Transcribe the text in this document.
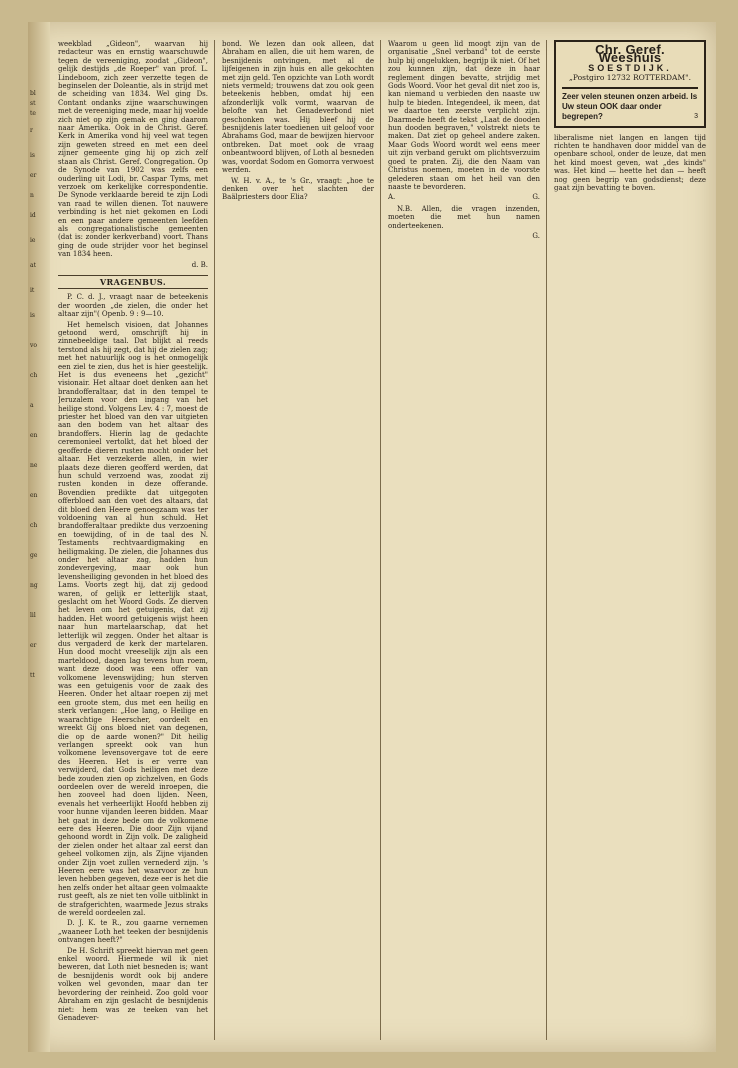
bl
st
te
r
is
er
n
id
ie
at
it
is
vo
ch
a
en
ne
en
ch
ge
ng
lil
er
tt

weekblad „Gideon", waarvan hij redacteur was en ernstig waarschuwde tegen de vereeniging, zoodat „Gideon", gelijk destijds „de Roeper" van prof. L. Lindeboom, zich zeer verzette tegen de beginselen der Doleantie, als in strijd met de scheiding van 1834. Wel ging Ds. Contant ondanks zijne waarschuwingen met de vereeniging mede, maar hij voelde zich niet op zijn gemak en ging daarom naar Amerika. Ook in de Christ. Geref. Kerk in Amerika vond hij veel wat tegen zijn geweten streed en met een deel zijner gemeente ging hij op zich zelf staan als Christ. Geref. Congregation. Op de Synode van 1902 was zelfs een ouderling uit Lodi, br. Caspar Tyms, met verzoek om kerkelijke correspondentie. De Synode verklaarde bereid te zijn Lodi van raad te willen dienen. Tot nauwere verbinding is het niet gekomen en Lodi en een paar andere gemeenten leefden als congregationalistische gemeenten (dat is: zonder kerkverband) voort. Thans ging de oude strijder voor het beginsel van 1834 heen.

d. B.
VRAGENBUS.

P. C. d. J., vraagt naar de beteekenis der woorden „de zielen, die onder het altaar zijn"( Openb. 9 : 9—10.

Het hemelsch visioen, dat Johannes getoond werd, omschrijft hij in zinnebeeldige taal. Dat blijkt al reeds terstond als hij zegt, dat hij de zielen zag; met het natuurlijk oog is het onmogelijk een ziel te zien, dus het is hier geestelijk. Het is dus eveneens het „gezicht" visionair. Het altaar doet denken aan het brandofferaltaar, dat in den tempel te Jeruzalem voor den ingang van het heilige stond. Volgens Lev. 4 : 7, moest de priester het bloed van den var uitgieten aan den bodem van het altaar des brandoffers. Hierin lag de gedachte ceremonieel vertolkt, dat het bloed der geofferde dieren rusten mocht onder het altaar. Het verzekerde allen, in wier plaats deze dieren geofferd werden, dat hun schuld verzoend was, zoodat zij rusten konden in deze offerande. Bovendien predikte dat uitgegoten offerbloed aan den voet des altaars, dat dit bloed den Heere genoegzaam was ter voldoening van al hun schuld. Het brandofferaltaar predikte dus verzoening en toewijding, of in de taal des N. Testaments rechtvaardigmaking en heiligmaking. De zielen, die Johannes dus onder het altaar zag, hadden hun zondevergeving, maar ook hun levensheiliging gevonden in het bloed des Lams. Voorts zegt hij, dat zij gedood waren, of gelijk er letterlijk staat, geslacht om het Woord Gods. Ze dierven het leven om het getuigenis, dat zij hadden. Het woord getuigenis wijst heen naar hun martelaarschap, dat het letterlijk wil zeggen. Onder het altaar is dus vergaderd de kerk der martelaren. Hun dood mocht vreeselijk zijn als een marteldood, dagen lag tevens hun roem, want deze dood was een offer van volkomene levenswijding; hun sterven was een getuigenis voor de zaak des Heeren. Onder het altaar roepen zij met een groote stem, dus met een heilig en sterk verlangen: „Hoe lang, o Heilige en waarachtige Heerscher, oordeelt en wreekt Gij ons bloed niet van degenen, die op de aarde wonen?" Dit heilig verlangen spreekt ook van hun volkomene levensovergave tot de eere des Heeren. Het is er verre van verwijderd, dat Gods heiligen met deze bede zouden zien op zichzelven, en Gods oordeelen over de wereld inroepen, die hen zooveel had doen lijden. Neen, evenals het verheerlijkt Hoofd hebben zij voor hunne vijanden leeren bidden. Maar het gaat in deze bede om de volkomene eere des Heeren. Die door Zijn vijand gehoond wordt in Zijn volk. De zaligheid der zielen onder het altaar zal eerst dan geheel volkomen zijn, als Zijne vijanden onder Zijn voet zullen vernederd zijn. 's Heeren eere was het waarvoor ze hun leven hebben gegeven, deze eer is het die hen zelfs onder het altaar geen volmaakte rust geeft, als ze niet ten volle uitblinkt in de strafgerichten, waarmede Jezus straks de wereld oordeelen zal.

D. J. K. te R., zou gaarne vernemen „waaneer Loth het teeken der besnijdenis ontvangen heeft?"

De H. Schrift spreekt hiervan met geen enkel woord. Hiermede wil ik niet beweren, dat Loth niet besneden is; want de besnijdenis wordt ook bij andere volken wel gevonden, maar dan ter bevordering der reinheid. Zoo gold voor Abraham en zijn geslacht de besnijdenis niet: hem was ze teeken van het Genadever-

bond. We lezen dan ook alleen, dat Abraham en allen, die uit hem waren, de besnijdenis ontvingen, met al de lijfeigenen in zijn huis en alle gekochten met zijn geld. Ten opzichte van Loth wordt niets vermeld; trouwens dat zou ook geen beteekenis hebben, omdat hij een afzonderlijk volk vormt, waarvan de belofte van het Genadeverbond niet geschonken was. Hij bleef hij de besnijdenis later toedienen uit geloof voor Abrahams God, maar de bewijzen hiervoor ontbreken. Dat moet ook de vraag onbeantwoord blijven, of Loth al besneden was, voordat Sodom en Gomorra verwoest werden.

W. H. v. A., te 's Gr., vraagt: „hoe te denken over het slachten der Baälpriesters door Elia?

Waarom u geen lid moogt zijn van de organisatie „Snel verband" tot de eerste hulp bij ongelukken, begrijp ik niet. Of het zou kunnen zijn, dat deze in haar reglement dingen bevatte, strijdig met Gods Woord. Voor het geval dit niet zoo is, kan niemand u verbieden den naaste uw hulp te bieden. Integendeel, ik meen, dat we daartoe ten zeerste verplicht zijn. Daarmede heeft de tekst „Laat de dooden hun dooden begraven," volstrekt niets te maken. Dat ziet op geheel andere zaken. Maar Gods Woord wordt wel eens meer uit zijn verband gerukt om plichtsverzuim goed te praten. Zij, die den Naam van Christus noemen, moeten in de voorste gelederen staan om het heil van den naaste te bevorderen.

A.	G.

N.B. Allen, die vragen inzenden, moeten die met hun namen onderteekenen.

G.
Chr. Geref. Weeshuis
SOESTDIJK.
„Postgiro 12732 ROTTERDAM".
Zeer velen steunen onzen arbeid. Is Uw steun OOK daar onder begrepen?	3

liberalisme niet langen en langen tijd richten te handhaven door middel van de openbare school, onder de leuze, dat men het kind moest geven, wat „des kinds" was. Het kind — heette het dan — heeft nog geen begrip van godsdienst; deze gaat zijn bevatting te boven.
